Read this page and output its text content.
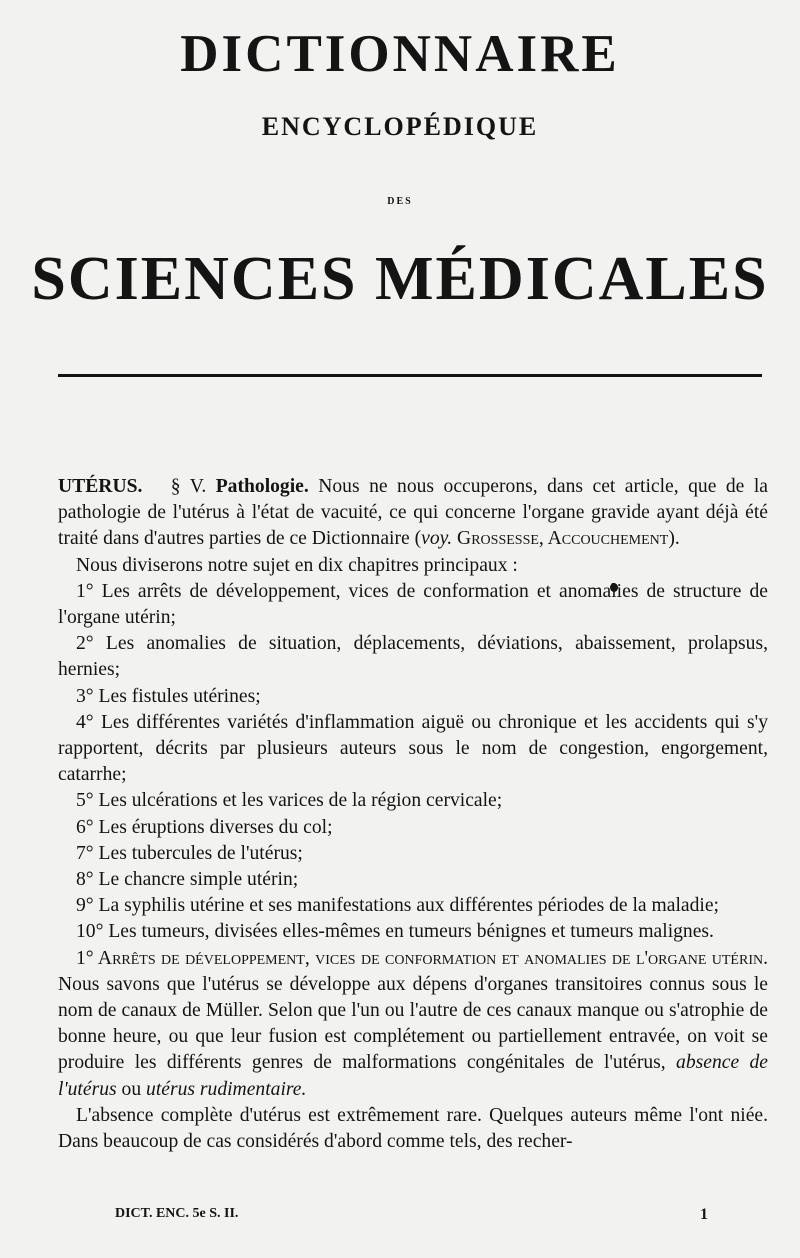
DICTIONNAIRE
ENCYCLOPÉDIQUE
DES
SCIENCES MÉDICALES

UTÉRUS. § V. Pathologie. Nous ne nous occuperons, dans cet article, que de la pathologie de l'utérus à l'état de vacuité, ce qui concerne l'organe gravide ayant déjà été traité dans d'autres parties de ce Dictionnaire (voy. Grossesse, Accouchement).

Nous diviserons notre sujet en dix chapitres principaux :

1° Les arrêts de développement, vices de conformation et anomalies de structure de l'organe utérin;

2° Les anomalies de situation, déplacements, déviations, abaissement, prolapsus, hernies;

3° Les fistules utérines;

4° Les différentes variétés d'inflammation aiguë ou chronique et les accidents qui s'y rapportent, décrits par plusieurs auteurs sous le nom de congestion, engorgement, catarrhe;

5° Les ulcérations et les varices de la région cervicale;

6° Les éruptions diverses du col;

7° Les tubercules de l'utérus;

8° Le chancre simple utérin;

9° La syphilis utérine et ses manifestations aux différentes périodes de la maladie;

10° Les tumeurs, divisées elles-mêmes en tumeurs bénignes et tumeurs malignes.

1° Arrêts de développement, vices de conformation et anomalies de l'organe utérin. Nous savons que l'utérus se développe aux dépens d'organes transitoires connus sous le nom de canaux de Müller. Selon que l'un ou l'autre de ces canaux manque ou s'atrophie de bonne heure, ou que leur fusion est complétement ou partiellement entravée, on voit se produire les différents genres de malformations congénitales de l'utérus, absence de l'utérus ou utérus rudimentaire.

L'absence complète d'utérus est extrêmement rare. Quelques auteurs même l'ont niée. Dans beaucoup de cas considérés d'abord comme tels, des recher-

DICT. ENC. 5e S. II.	1
